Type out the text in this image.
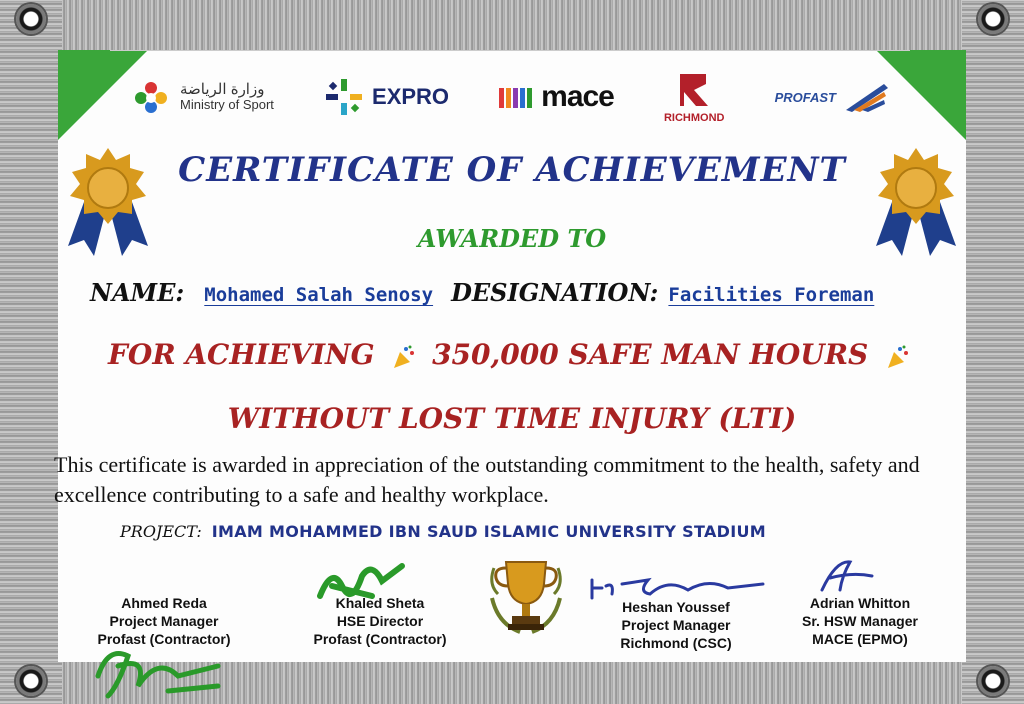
وزارة الرياضة
Ministry of Sport	EXPRO	mace
RICHMOND
PROFAST
CERTIFICATE OF ACHIEVEMENT
AWARDED TO
NAME: Mohamed Salah Senosy DESIGNATION: Facilities Foreman
FOR ACHIEVING 350,000 SAFE MAN HOURS
WITHOUT LOST TIME INJURY (LTI)
This certificate is awarded in appreciation of the outstanding commitment to the health, safety and excellence contributing to a safe and healthy workplace.
PROJECT: IMAM MOHAMMED IBN SAUD ISLAMIC UNIVERSITY STADIUM
Ahmed Reda
Project Manager
Profast (Contractor)
Khaled Sheta
HSE Director
Profast (Contractor)
Heshan Youssef
Project Manager
Richmond (CSC)
Adrian Whitton
Sr. HSW Manager
MACE (EPMO)
